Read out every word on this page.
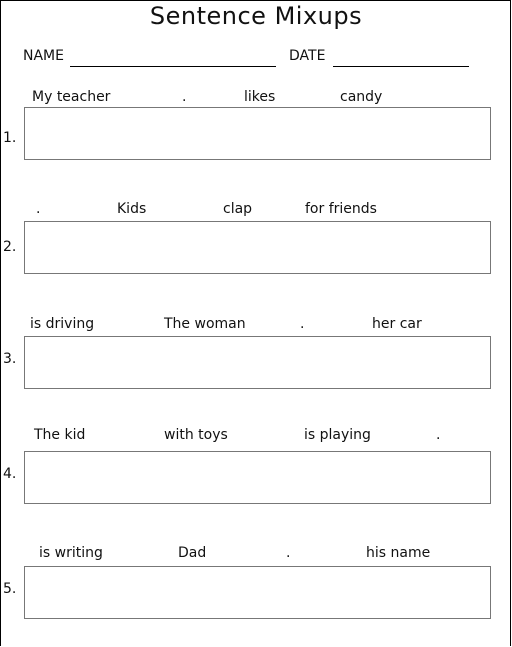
Sentence Mixups
NAME	DATE
My teacher	.	likes	candy
1.
.	Kids	clap	for friends
2.
is driving	The woman	.	her car
3.
The kid	with toys	is playing	.
4.
is writing	Dad	.	his name
5.
